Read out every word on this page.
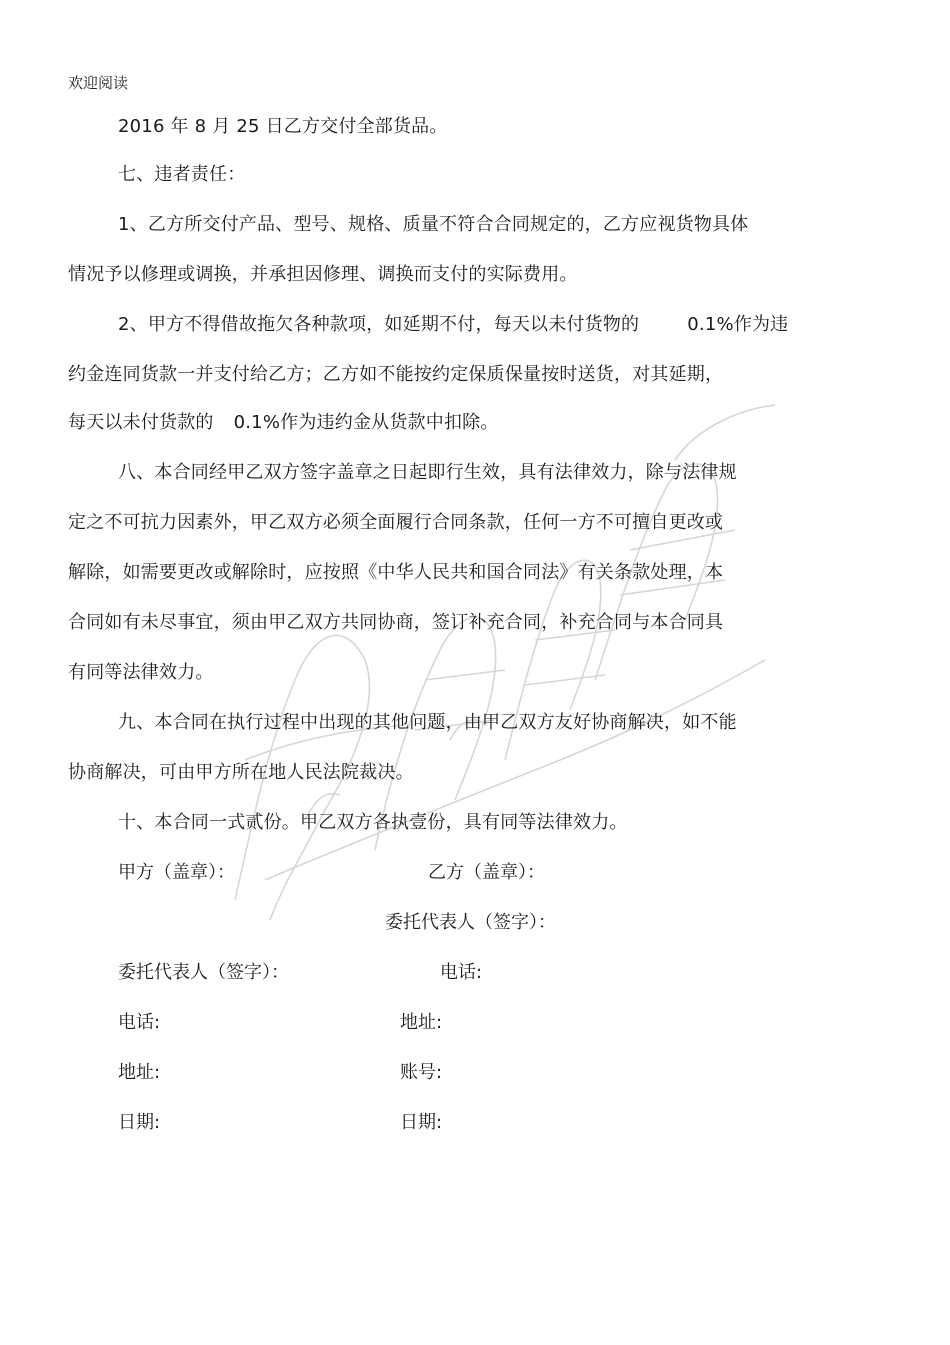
欢迎阅读
2016 年 8 月 25 日乙方交付全部货品。
七、违者责任：
1、乙方所交付产品、型号、规格、质量不符合合同规定的，乙方应视货物具体
情况予以修理或调换，并承担因修理、调换而支付的实际费用。
2、甲方不得借故拖欠各种款项，如延期不付，每天以未付货物的	0.1%作为违
约金连同货款一并支付给乙方；乙方如不能按约定保质保量按时送货，对其延期，
每天以未付货款的 0.1%作为违约金从货款中扣除。
八、本合同经甲乙双方签字盖章之日起即行生效，具有法律效力，除与法律规
定之不可抗力因素外，甲乙双方必须全面履行合同条款，任何一方不可擅自更改或
解除，如需要更改或解除时，应按照《中华人民共和国合同法》有关条款处理，本
合同如有未尽事宜，须由甲乙双方共同协商，签订补充合同，补充合同与本合同具
有同等法律效力。
九、本合同在执行过程中出现的其他问题，由甲乙双方友好协商解决，如不能
协商解决，可由甲方所在地人民法院裁决。
十、本合同一式贰份。甲乙双方各执壹份，具有同等法律效力。
甲方（盖章）：	乙方（盖章）：
委托代表人（签字）：
委托代表人（签字）：	电话:
电话:	地址:
地址:	账号:
日期:	日期:
